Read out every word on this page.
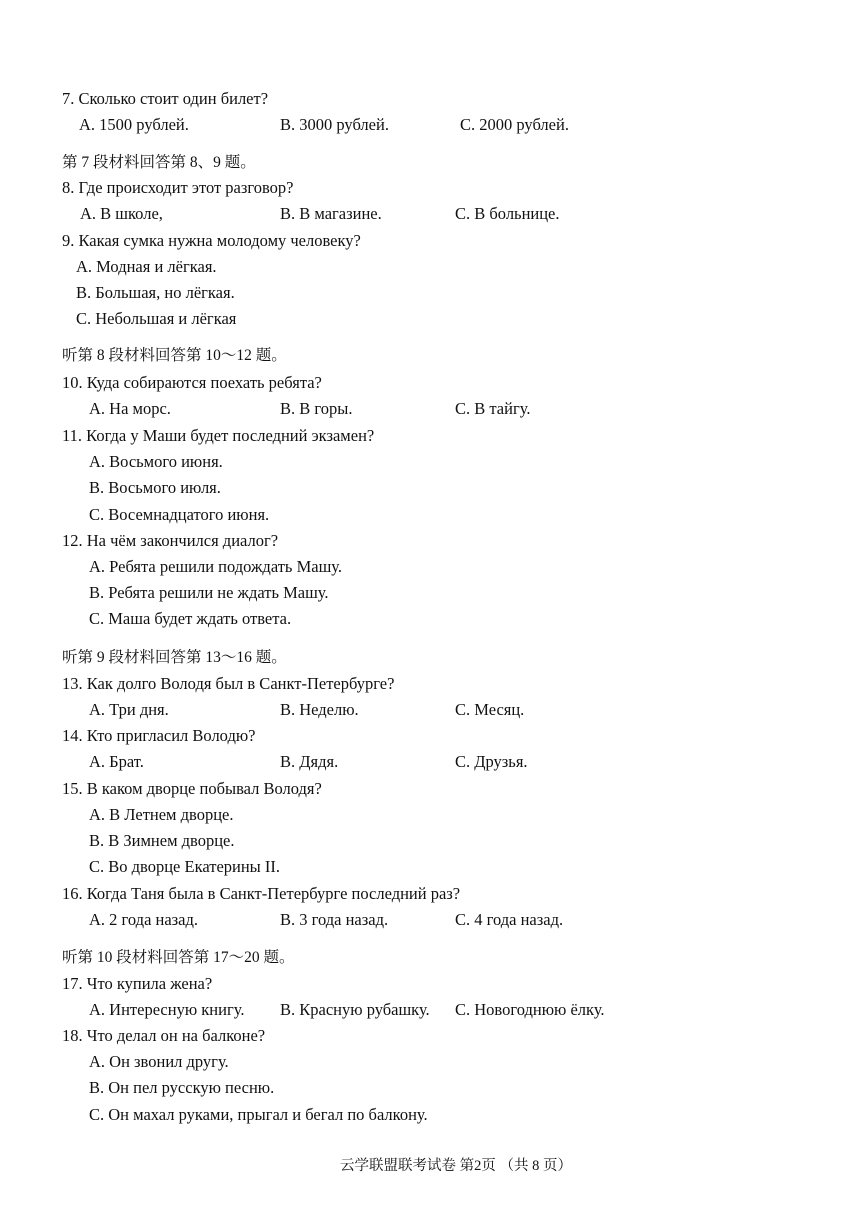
7. Сколько стоит один билет?
A. 1500 рублей.	B. 3000 рублей.	C. 2000 рублей.
第 7 段材料回答第 8、9 题。
8. Где происходит этот разговор?
A. В школе,	B. В магазине.	C. В больнице.
9. Какая сумка нужна молодому человеку?
A. Модная и лёгкая.
B. Большая, но лёгкая.
C. Небольшая и лёгкая
听第 8 段材料回答第 10～12 题。
10. Куда собираются поехать ребята?
A. На морс.	B. В горы.	C. В тайгу.
11. Когда у Маши будет последний экзамен?
A. Восьмого июня.
B. Восьмого июля.
C. Восемнадцатого июня.
12. На чём закончился диалог?
A. Ребята решили подождать Машу.
B. Ребята решили не ждать Машу.
C. Маша будет ждать ответа.
听第 9 段材料回答第 13～16 题。
13. Как долго Володя был в Санкт-Петербурге?
A. Три дня.	B. Неделю.	C. Месяц.
14. Кто пригласил Володю?
A. Брат.	B. Дядя.	C. Друзья.
15. В каком дворце побывал Володя?
A. В Летнем дворце.
B. В Зимнем дворце.
C. Во дворце Екатерины II.
16. Когда Таня была в Санкт-Петербурге последний раз?
A. 2 года назад.	B. 3 года назад.	C. 4 года назад.
听第 10 段材料回答第 17～20 题。
17. Что купила жена?
A. Интересную книгу. B. Красную рубашку. C. Новогоднюю ёлку.
18. Что делал он на балконе?
A. Он звонил другу.
B. Он пел русскую песню.
C. Он махал руками, прыгал и бегал по балкону.
云学联盟联考试卷 第2页 （共 8 页）
